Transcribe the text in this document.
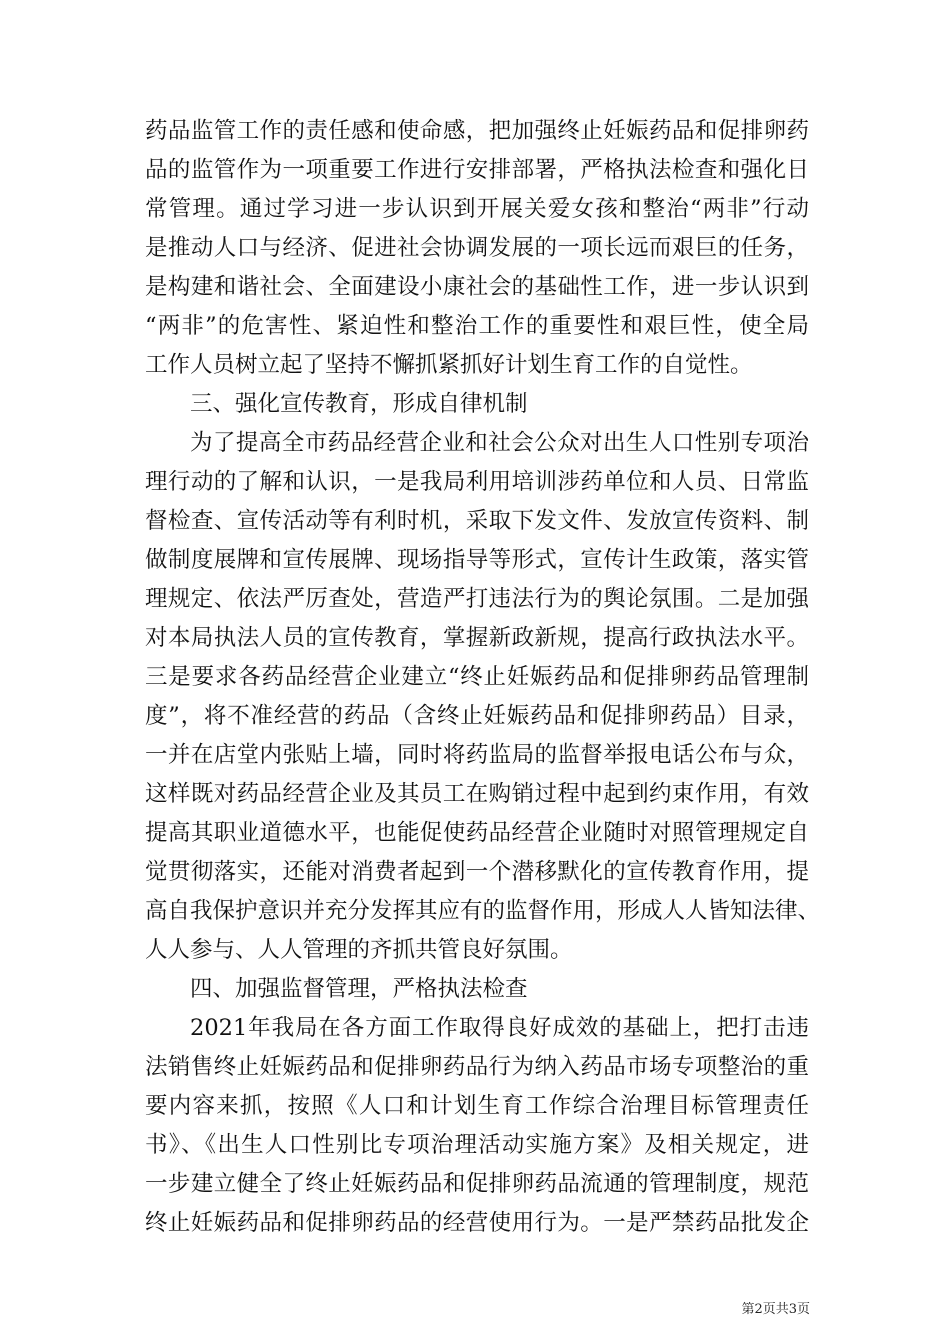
药品监管工作的责任感和使命感，把加强终止妊娠药品和促排卵药
品的监管作为一项重要工作进行安排部署，严格执法检查和强化日
常管理。通过学习进一步认识到开展关爱女孩和整治“两非”行动
是推动人口与经济、促进社会协调发展的一项长远而艰巨的任务，
是构建和谐社会、全面建设小康社会的基础性工作，进一步认识到
“两非”的危害性、紧迫性和整治工作的重要性和艰巨性，使全局
工作人员树立起了坚持不懈抓紧抓好计划生育工作的自觉性。
三、强化宣传教育，形成自律机制
为了提高全市药品经营企业和社会公众对出生人口性别专项治
理行动的了解和认识，一是我局利用培训涉药单位和人员、日常监
督检查、宣传活动等有利时机，采取下发文件、发放宣传资料、制
做制度展牌和宣传展牌、现场指导等形式，宣传计生政策，落实管
理规定、依法严厉查处，营造严打违法行为的舆论氛围。二是加强
对本局执法人员的宣传教育，掌握新政新规，提高行政执法水平。
三是要求各药品经营企业建立“终止妊娠药品和促排卵药品管理制
度”，将不准经营的药品（含终止妊娠药品和促排卵药品）目录，
一并在店堂内张贴上墙，同时将药监局的监督举报电话公布与众，
这样既对药品经营企业及其员工在购销过程中起到约束作用，有效
提高其职业道德水平，也能促使药品经营企业随时对照管理规定自
觉贯彻落实，还能对消费者起到一个潜移默化的宣传教育作用，提
高自我保护意识并充分发挥其应有的监督作用，形成人人皆知法律、
人人参与、人人管理的齐抓共管良好氛围。
四、加强监督管理，严格执法检查
2021年我局在各方面工作取得良好成效的基础上，把打击违
法销售终止妊娠药品和促排卵药品行为纳入药品市场专项整治的重
要内容来抓，按照《人口和计划生育工作综合治理目标管理责任
书》、《出生人口性别比专项治理活动实施方案》及相关规定，进
一步建立健全了终止妊娠药品和促排卵药品流通的管理制度，规范
终止妊娠药品和促排卵药品的经营使用行为。一是严禁药品批发企
第2页共3页
